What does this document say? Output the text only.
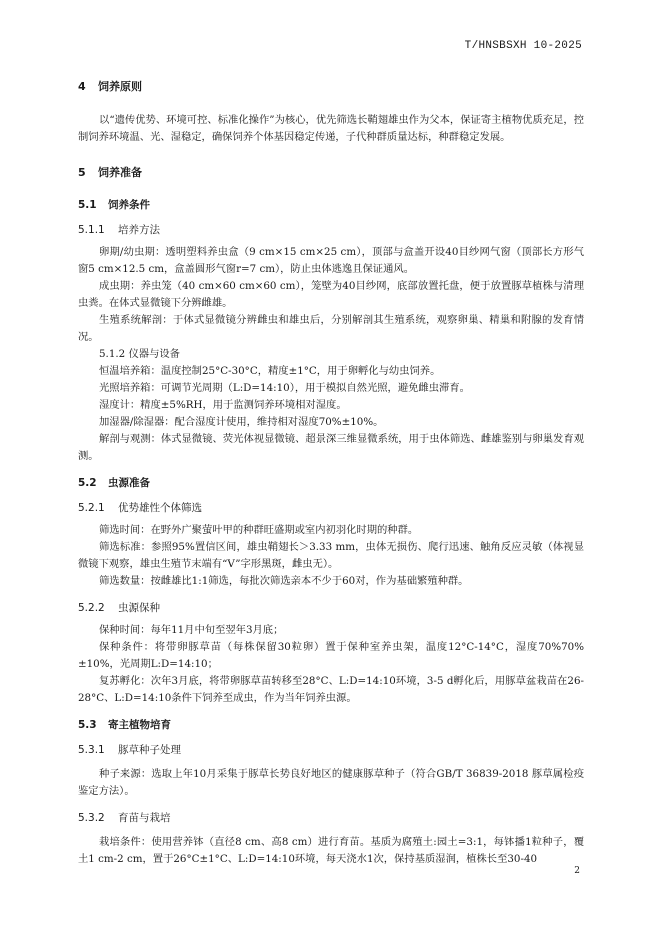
T/HNSBSXH 10-2025
4 饲养原则

以“遗传优势、环境可控、标准化操作”为核心，优先筛选长鞘翅雄虫作为父本，保证寄主植物优质充足，控制饲养环境温、光、湿稳定，确保饲养个体基因稳定传递，子代种群质量达标，种群稳定发展。

5 饲养准备
5.1 饲养条件
5.1.1 培养方法

卵期/幼虫期：透明塑料养虫盒（9 cm×15 cm×25 cm），顶部与盒盖开设40目纱网气窗（顶部长方形气窗5 cm×12.5 cm，盒盖圆形气窗r=7 cm），防止虫体逃逸且保证通风。

成虫期：养虫笼（40 cm×60 cm×60 cm），笼壁为40目纱网，底部放置托盘，便于放置豚草植株与清理虫粪。在体式显微镜下分辨雌雄。

生殖系统解剖：于体式显微镜分辨雌虫和雄虫后，分别解剖其生殖系统，观察卵巢、精巢和附腺的发育情况。

5.1.2 仪器与设备

恒温培养箱：温度控制25°C-30°C，精度±1°C，用于卵孵化与幼虫饲养。

光照培养箱：可调节光周期（L:D=14:10），用于模拟自然光照，避免雌虫滞育。

湿度计：精度±5%RH，用于监测饲养环境相对湿度。

加湿器/除湿器：配合湿度计使用，维持相对湿度70%±10%。

解剖与观测：体式显微镜、荧光体视显微镜、超景深三维显微系统，用于虫体筛选、雌雄鉴别与卵巢发育观测。

5.2 虫源准备
5.2.1 优势雄性个体筛选

筛选时间：在野外广聚萤叶甲的种群旺盛期或室内初羽化时期的种群。

筛选标准：参照95%置信区间，雄虫鞘翅长＞3.33 mm，虫体无损伤、爬行迅速、触角反应灵敏（体视显微镜下观察，雄虫生殖节末端有“V”字形黑斑，雌虫无）。

筛选数量：按雌雄比1:1筛选，每批次筛选亲本不少于60对，作为基础繁殖种群。

5.2.2 虫源保种

保种时间：每年11月中旬至翌年3月底；

保种条件：将带卵豚草苗（每株保留30粒卵）置于保种室养虫架，温度12°C-14°C，湿度70%70%±10%，光周期L:D=14:10；

复苏孵化：次年3月底，将带卵豚草苗转移至28°C、L:D=14:10环境，3-5 d孵化后，用豚草盆栽苗在26-28°C、L:D=14:10条件下饲养至成虫，作为当年饲养虫源。

5.3 寄主植物培育
5.3.1 豚草种子处理

种子来源：选取上年10月采集于豚草长势良好地区的健康豚草种子（符合GB/T 36839-2018 豚草属检疫鉴定方法）。

5.3.2 育苗与栽培

栽培条件：使用营养钵（直径8 cm、高8 cm）进行育苗。基质为腐殖土:园土=3:1，每钵播1粒种子，覆土1 cm-2 cm，置于26°C±1°C、L:D=14:10环境，每天浇水1次，保持基质湿润，植株长至30-40

2
